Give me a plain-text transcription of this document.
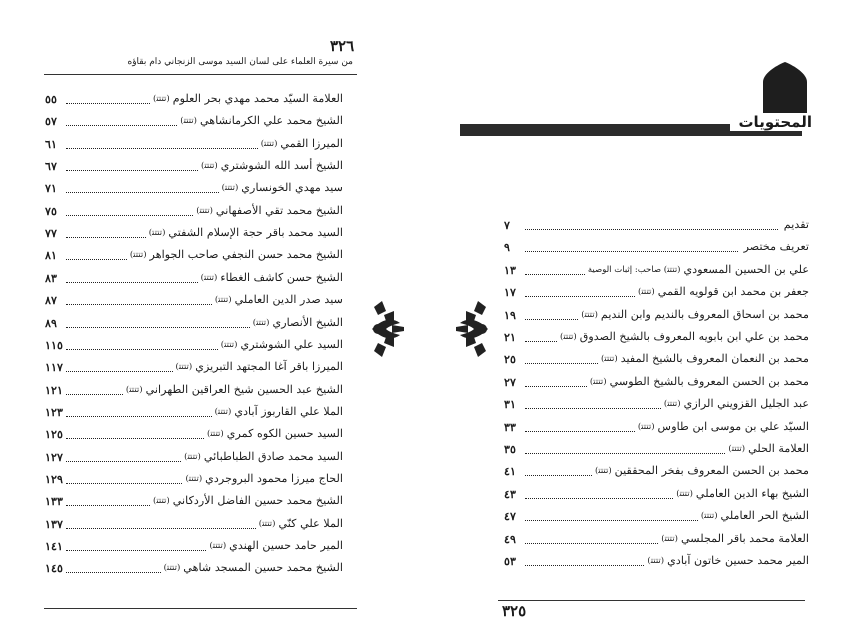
٣٢٦
من سيرة العلماء على لسان السيد موسى الزنجاني دام بقاؤه
العلامة السيّد محمد مهدي بحر العلوم
(ﺗﺘﺘﺘ)
٥٥
الشيخ محمد علي الكرمانشاهي
(ﺗﺘﺘﺘ)
٥٧
الميرزا القمي
(ﺗﺘﺘﺘ)
٦١
الشيخ أسد الله الشوشتري
(ﺗﺘﺘﺘ)
٦٧
سيد مهدي الخونساري
(ﺗﺘﺘﺘ)
٧١
الشيخ محمد تقي الأصفهاني
(ﺗﺘﺘﺘ)
٧٥
السيد محمد باقر حجة الإسلام الشفتي
(ﺗﺘﺘﺘ)
٧٧
الشيخ محمد حسن النجفي صاحب الجواهر
(ﺗﺘﺘﺘ)
٨١
الشيخ حسن كاشف الغطاء
(ﺗﺘﺘﺘ)
٨٣
سيد صدر الدين العاملي
(ﺗﺘﺘﺘ)
٨٧
الشيخ الأنصاري
(ﺗﺘﺘﺘ)
٨٩
السيد علي الشوشتري
(ﺗﺘﺘﺘ)
١١٥
الميرزا باقر آغا المجتهد التبريزي
(ﺗﺘﺘﺘ)
١١٧
الشيخ عبد الحسين شيخ العراقين الطهراني
(ﺗﺘﺘﺘ)
١٢١
الملا علي القاربوز آبادي
(ﺗﺘﺘﺘ)
١٢٣
السيد حسين الكوه كمري
(ﺗﺘﺘﺘ)
١٢٥
السيد محمد صادق الطباطبائي
(ﺗﺘﺘﺘ)
١٢٧
الحاج ميرزا محمود البروجردي
(ﺗﺘﺘﺘ)
١٢٩
الشيخ محمد حسين الفاضل الأردكاني
(ﺗﺘﺘﺘ)
١٣٣
الملا علي كنّي
(ﺗﺘﺘﺘ)
١٣٧
المير حامد حسين الهندي
(ﺗﺘﺘﺘ)
١٤١
الشيخ محمد حسين المسجد شاهي
(ﺗﺘﺘﺘ)
١٤٥
المحتويات
تقديم
٧
تعريف مختصر
٩
علي بن الحسين المسعودي
(ﺗﺘﺘﺘ) صاحب: إثبات الوصية
١٣
جعفر بن محمد ابن قولويه القمي
(ﺗﺘﺘﺘ)
١٧
محمد بن اسحاق المعروف بالنديم وابن النديم
(ﺗﺘﺘﺘ)
١٩
محمد بن علي ابن بابويه المعروف بالشيخ الصدوق
(ﺗﺘﺘﺘ)
٢١
محمد بن النعمان المعروف بالشيخ المفيد
(ﺗﺘﺘﺘ)
٢٥
محمد بن الحسن المعروف بالشيخ الطوسي
(ﺗﺘﺘﺘ)
٢٧
عبد الجليل القزويني الرازي
(ﺗﺘﺘﺘ)
٣١
السيّد علي بن موسى ابن طاوس
(ﺗﺘﺘﺘ)
٣٣
العلامة الحلي
(ﺗﺘﺘﺘ)
٣٥
محمد بن الحسن المعروف بفخر المحققين
(ﺗﺘﺘﺘ)
٤١
الشيخ بهاء الدين العاملي
(ﺗﺘﺘﺘ)
٤٣
الشيخ الحر العاملي
(ﺗﺘﺘﺘ)
٤٧
العلامة محمد باقر المجلسي
(ﺗﺘﺘﺘ)
٤٩
المير محمد حسين خاتون آبادي
(ﺗﺘﺘﺘ)
٥٣
٣٢٥
